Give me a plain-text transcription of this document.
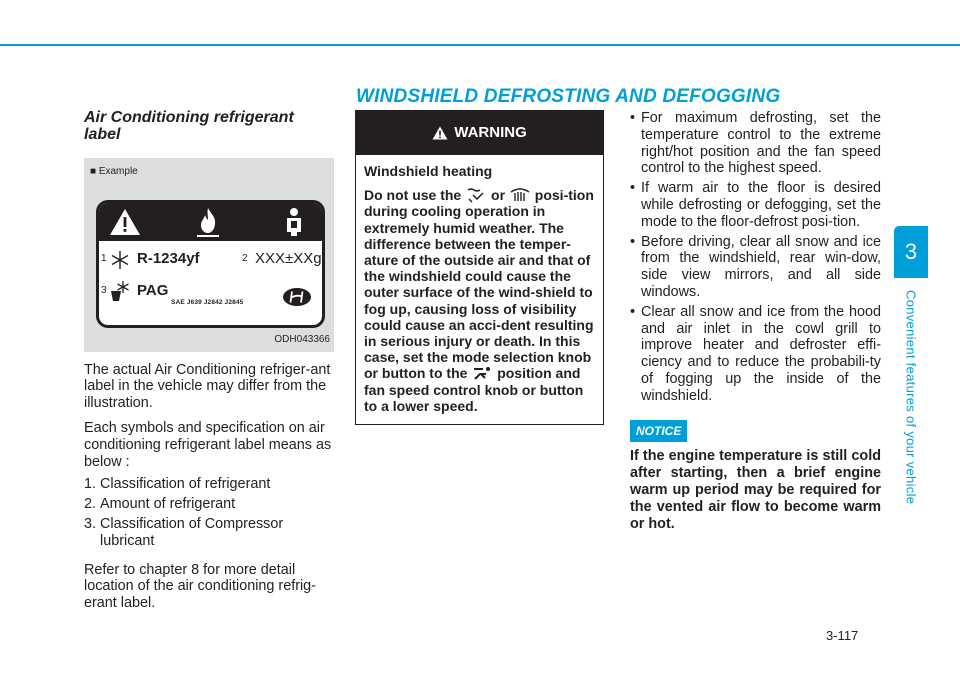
WINDSHIELD DEFROSTING AND DEFOGGING
3
Convenient features of your vehicle
Air Conditioning refrigerant label
■ Example
1 R-1234yf	2 XXX±XXg
3 PAG
SAE J639 J2842 J2845
ODH043366

The actual Air Conditioning refriger-ant label in the vehicle may differ from the illustration.

Each symbols and specification on air conditioning refrigerant label means as below :

1. Classification of refrigerant
2. Amount of refrigerant
3. Classification of Compressor lubricant

Refer to chapter 8 for more detail location of the air conditioning refrig-erant label.

WARNING

Windshield heating

Do not use the or posi-tion during cooling operation in extremely humid weather. The difference between the temper-ature of the outside air and that of the windshield could cause the outer surface of the wind-shield to fog up, causing loss of visibility could cause an acci-dent resulting in serious injury or death. In this case, set the mode selection knob or button to the position and fan speed control knob or button to a lower speed.

• For maximum defrosting, set the temperature control to the extreme right/hot position and the fan speed control to the highest speed.
• If warm air to the floor is desired while defrosting or defogging, set the mode to the floor-defrost posi-tion.
• Before driving, clear all snow and ice from the windshield, rear win-dow, side view mirrors, and all side windows.
• Clear all snow and ice from the hood and air inlet in the cowl grill to improve heater and defroster effi-ciency and to reduce the probabili-ty of fogging up the inside of the windshield.
NOTICE

If the engine temperature is still cold after starting, then a brief engine warm up period may be required for the vented air flow to become warm or hot.

3-117
